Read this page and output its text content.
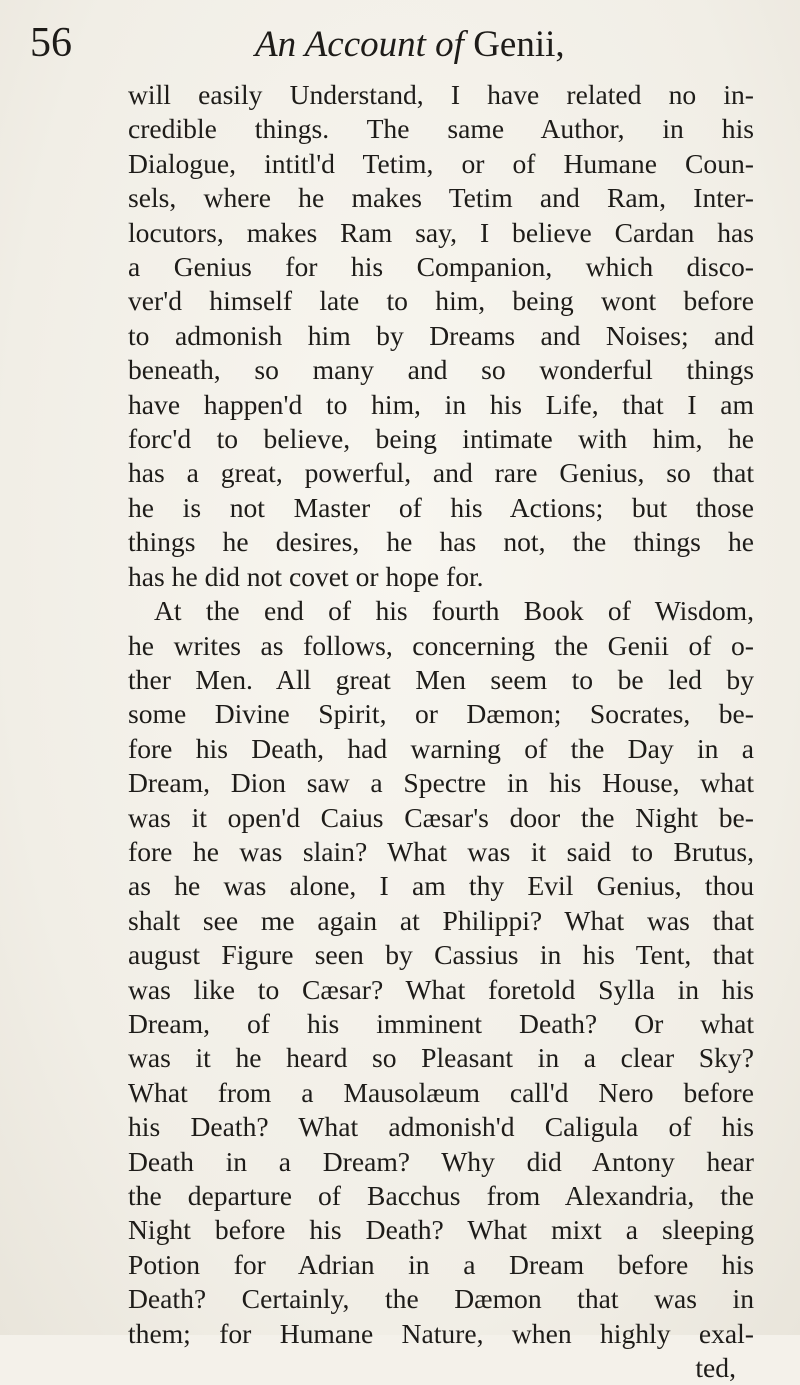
56	An Account of Genii,
will easily Understand, I have related no in-
credible things. The same Author, in his
Dialogue, intitl'd Tetim, or of Humane Coun-
sels, where he makes Tetim and Ram, Inter-
locutors, makes Ram say, I believe Cardan has
a Genius for his Companion, which disco-
ver'd himself late to him, being wont before
to admonish him by Dreams and Noises; and
beneath, so many and so wonderful things
have happen'd to him, in his Life, that I am
forc'd to believe, being intimate with him, he
has a great, powerful, and rare Genius, so that
he is not Master of his Actions; but those
things he desires, he has not, the things he
has he did not covet or hope for.
At the end of his fourth Book of Wisdom,
he writes as follows, concerning the Genii of o-
ther Men. All great Men seem to be led by
some Divine Spirit, or Dæmon; Socrates, be-
fore his Death, had warning of the Day in a
Dream, Dion saw a Spectre in his House, what
was it open'd Caius Cæsar's door the Night be-
fore he was slain? What was it said to Brutus,
as he was alone, I am thy Evil Genius, thou
shalt see me again at Philippi? What was that
august Figure seen by Cassius in his Tent, that
was like to Cæsar? What foretold Sylla in his
Dream, of his imminent Death? Or what
was it he heard so Pleasant in a clear Sky?
What from a Mausolæum call'd Nero before
his Death? What admonish'd Caligula of his
Death in a Dream? Why did Antony hear
the departure of Bacchus from Alexandria, the
Night before his Death? What mixt a sleeping
Potion for Adrian in a Dream before his
Death? Certainly, the Dæmon that was in
them; for Humane Nature, when highly exal-
ted,
